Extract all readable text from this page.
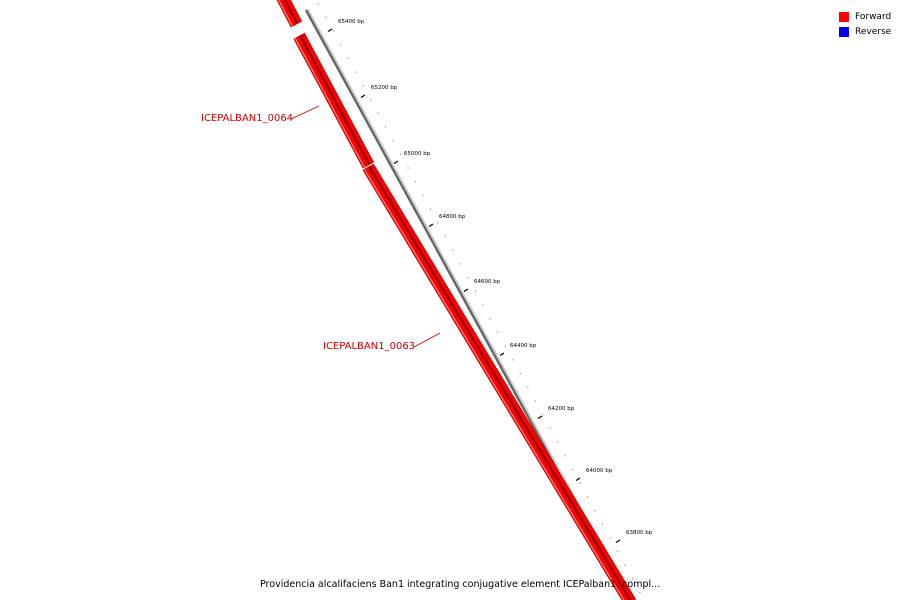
65400 bp
65200 bp
65000 bp
64800 bp
64600 bp
64400 bp
64200 bp
64000 bp
63800 bp
Forward
Reverse
ICEPALBAN1_0064
ICEPALBAN1_0063
Providencia alcalifaciens Ban1 integrating conjugative element ICEPalban1, compl...
